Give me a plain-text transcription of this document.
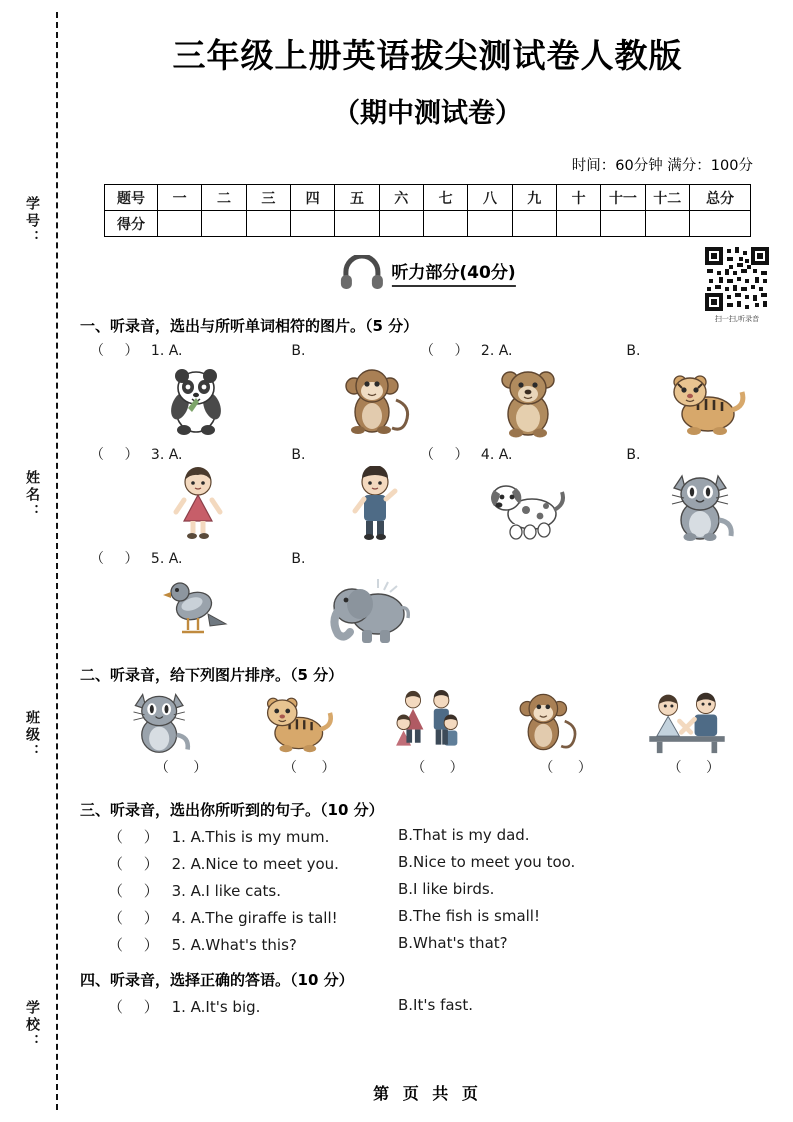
学号：
姓名：
班级：
学校：
三年级上册英语拔尖测试卷人教版
（期中测试卷）
时间：60分钟 满分：100分
题号	一	二	三	四	五	六	七	八	九	十	十一	十二	总分
得分													
听力部分(40分)
扫一扫,听录音
一、听录音，选出与所听单词相符的图片。（5 分）
（ ） 1. A.	B.	（ ） 2. A.	B.
（ ） 3. A.	B.	（ ） 4. A.	B.
（ ） 5. A.	B.
二、听录音，给下列图片排序。（5 分）
（ ）	（ ）	（ ）	（ ）	（ ）
三、听录音，选出你所听到的句子。（10 分）
（ ） 1. A.This is my mum.	B.That is my dad.
（ ） 2. A.Nice to meet you.	B.Nice to meet you too.
（ ） 3. A.I like cats.	B.I like birds.
（ ） 4. A.The giraffe is tall!	B.The fish is small!
（ ） 5. A.What's this?	B.What's that?
四、听录音，选择正确的答语。（10 分）
（ ） 1. A.It's big.	B.It's fast.
第 页 共 页
